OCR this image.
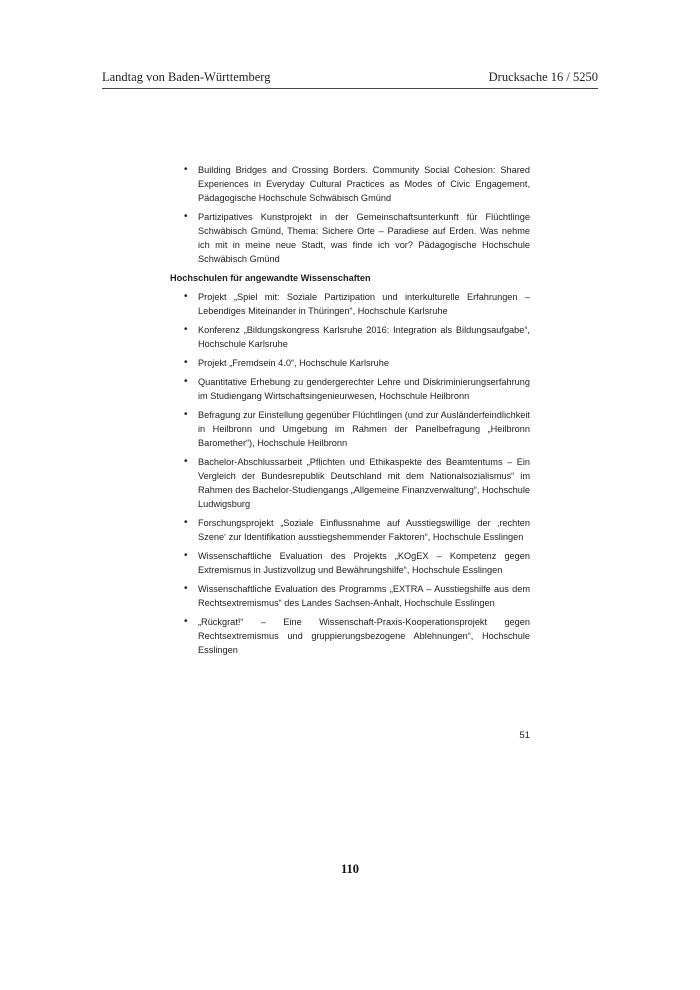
Landtag von Baden-Württemberg	Drucksache 16 / 5250
• Building Bridges and Crossing Borders. Community Social Cohesion: Shared Experiences in Everyday Cultural Practices as Modes of Civic Engagement, Pädagogische Hochschule Schwäbisch Gmünd
• Partizipatives Kunstprojekt in der Gemeinschaftsunterkunft für Flüchtlinge Schwäbisch Gmünd, Thema: Sichere Orte – Paradiese auf Erden. Was nehme ich mit in meine neue Stadt, was finde ich vor? Pädagogische Hochschule Schwäbisch Gmünd
Hochschulen für angewandte Wissenschaften
• Projekt „Spiel mit: Soziale Partizipation und interkulturelle Erfahrungen – Lebendiges Miteinander in Thüringen“, Hochschule Karlsruhe
• Konferenz „Bildungskongress Karlsruhe 2016: Integration als Bildungsaufgabe“, Hochschule Karlsruhe
• Projekt „Fremdsein 4.0“, Hochschule Karlsruhe
• Quantitative Erhebung zu gendergerechter Lehre und Diskriminierungserfahrung im Studiengang Wirtschaftsingenieurwesen, Hochschule Heilbronn
• Befragung zur Einstellung gegenüber Flüchtlingen (und zur Ausländerfeindlichkeit in Heilbronn und Umgebung im Rahmen der Panelbefragung „Heilbronn Baromether“), Hochschule Heilbronn
• Bachelor-Abschlussarbeit „Pflichten und Ethikaspekte des Beamtentums – Ein Vergleich der Bundesrepublik Deutschland mit dem Nationalsozialismus“ im Rahmen des Bachelor-Studiengangs „Allgemeine Finanzverwaltung“, Hochschule Ludwigsburg
• Forschungsprojekt „Soziale Einflussnahme auf Ausstiegswillige der ‚rechten Szene‘ zur Identifikation ausstiegshemmender Faktoren“, Hochschule Esslingen
• Wissenschaftliche Evaluation des Projekts „KOgEX – Kompetenz gegen Extremismus in Justizvollzug und Bewährungshilfe“, Hochschule Esslingen
• Wissenschaftliche Evaluation des Programms „EXTRA – Ausstiegshilfe aus dem Rechtsextremismus“ des Landes Sachsen-Anhalt, Hochschule Esslingen
• „Rückgrat!“ – Eine Wissenschaft-Praxis-Kooperationsprojekt gegen Rechtsextremismus und gruppierungsbezogene Ablehnungen“, Hochschule Esslingen
51
110
